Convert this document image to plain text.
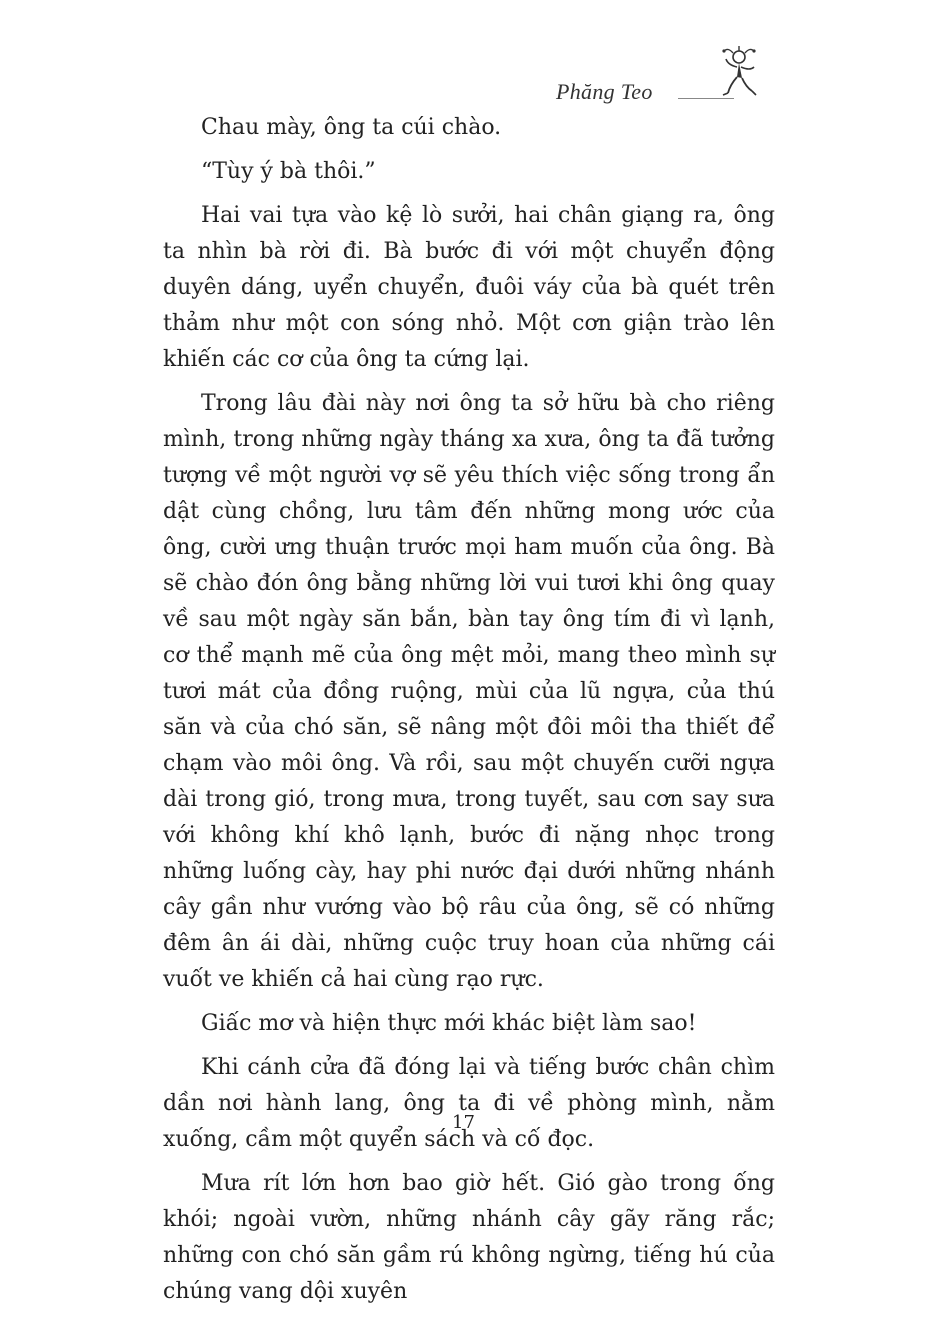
Phăng Teo

Chau mày, ông ta cúi chào.

“Tùy ý bà thôi.”

Hai vai tựa vào kệ lò sưởi, hai chân giạng ra, ông ta nhìn bà rời đi. Bà bước đi với một chuyển động duyên dáng, uyển chuyển, đuôi váy của bà quét trên thảm như một con sóng nhỏ. Một cơn giận trào lên khiến các cơ của ông ta cứng lại.

Trong lâu đài này nơi ông ta sở hữu bà cho riêng mình, trong những ngày tháng xa xưa, ông ta đã tưởng tượng về một người vợ sẽ yêu thích việc sống trong ẩn dật cùng chồng, lưu tâm đến những mong ước của ông, cười ưng thuận trước mọi ham muốn của ông. Bà sẽ chào đón ông bằng những lời vui tươi khi ông quay về sau một ngày săn bắn, bàn tay ông tím đi vì lạnh, cơ thể mạnh mẽ của ông mệt mỏi, mang theo mình sự tươi mát của đồng ruộng, mùi của lũ ngựa, của thú săn và của chó săn, sẽ nâng một đôi môi tha thiết để chạm vào môi ông. Và rồi, sau một chuyến cưỡi ngựa dài trong gió, trong mưa, trong tuyết, sau cơn say sưa với không khí khô lạnh, bước đi nặng nhọc trong những luống cày, hay phi nước đại dưới những nhánh cây gần như vướng vào bộ râu của ông, sẽ có những đêm ân ái dài, những cuộc truy hoan của những cái vuốt ve khiến cả hai cùng rạo rực.

Giấc mơ và hiện thực mới khác biệt làm sao!

Khi cánh cửa đã đóng lại và tiếng bước chân chìm dần nơi hành lang, ông ta đi về phòng mình, nằm xuống, cầm một quyển sách và cố đọc.

Mưa rít lớn hơn bao giờ hết. Gió gào trong ống khói; ngoài vườn, những nhánh cây gãy răng rắc; những con chó săn gầm rú không ngừng, tiếng hú của chúng vang dội xuyên

17
